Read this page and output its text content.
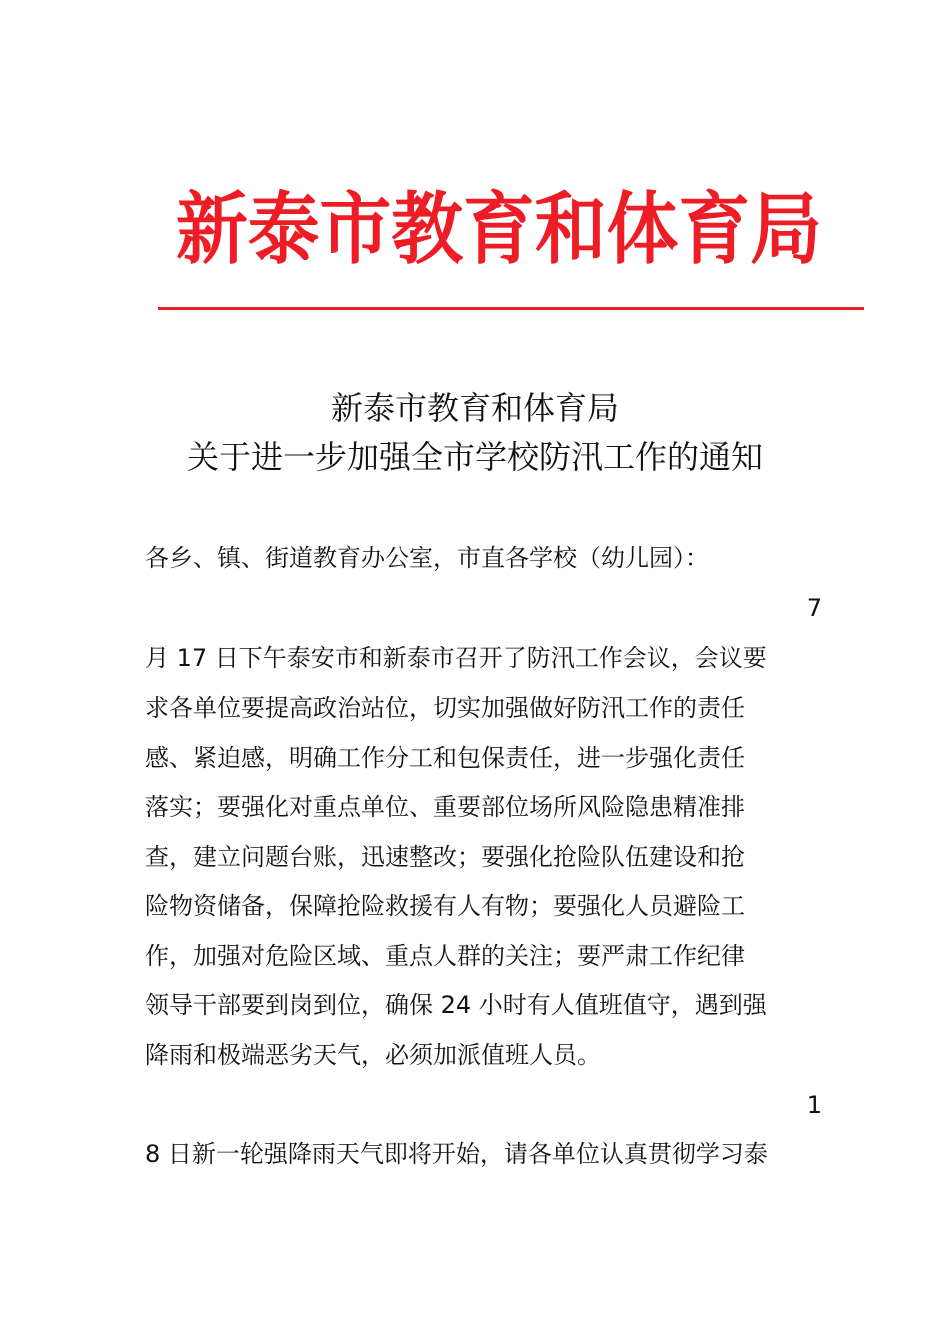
新泰市教育和体育局
新泰市教育和体育局
关于进一步加强全市学校防汛工作的通知
各乡、镇、街道教育办公室，市直各学校（幼儿园）：
7
月 17 日下午泰安市和新泰市召开了防汛工作会议，会议要
求各单位要提高政治站位，切实加强做好防汛工作的责任
感、紧迫感，明确工作分工和包保责任，进一步强化责任
落实；要强化对重点单位、重要部位场所风险隐患精准排
查，建立问题台账，迅速整改；要强化抢险队伍建设和抢
险物资储备，保障抢险救援有人有物；要强化人员避险工
作，加强对危险区域、重点人群的关注；要严肃工作纪律
领导干部要到岗到位，确保 24 小时有人值班值守，遇到强
降雨和极端恶劣天气，必须加派值班人员。
1
8 日新一轮强降雨天气即将开始，请各单位认真贯彻学习泰
